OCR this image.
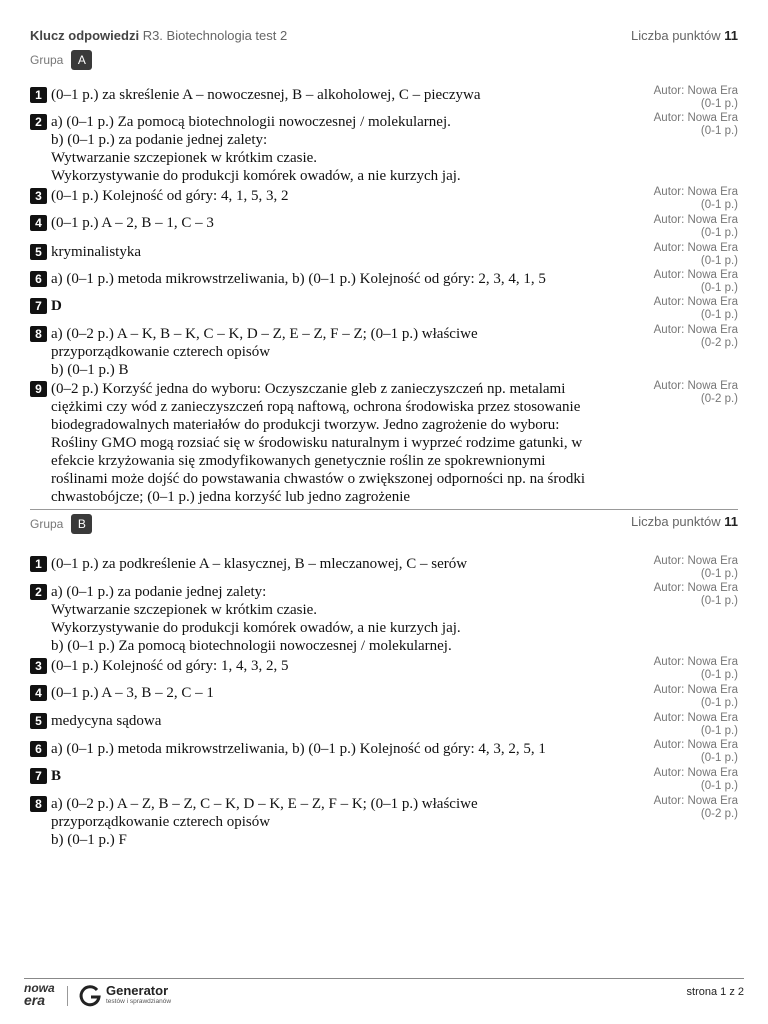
Klucz odpowiedzi R3. Biotechnologia test 2	Liczba punktów 11
Grupa A
1 (0–1 p.) za skreślenie A – nowoczesnej, B – alkoholowej, C – pieczywa	Autor: Nowa Era
(0-1 p.)
2 a) (0–1 p.) Za pomocą biotechnologii nowoczesnej / molekularnej.
b) (0–1 p.) za podanie jednej zalety:
Wytwarzanie szczepionek w krótkim czasie.
Wykorzystywanie do produkcji komórek owadów, a nie kurzych jaj.
Autor: Nowa Era
(0-1 p.)
3 (0–1 p.) Kolejność od góry: 4, 1, 5, 3, 2	Autor: Nowa Era
(0-1 p.)
4 (0–1 p.) A – 2, B – 1, C – 3	Autor: Nowa Era
(0-1 p.)
5 kryminalistyka	Autor: Nowa Era
(0-1 p.)
6 a) (0–1 p.) metoda mikrowstrzeliwania, b) (0–1 p.) Kolejność od góry: 2, 3, 4, 1, 5	Autor: Nowa Era
(0-1 p.)
7 D	Autor: Nowa Era
(0-1 p.)
8 a) (0–2 p.) A – K, B – K, C – K, D – Z, E – Z, F – Z; (0–1 p.) właściwe
przyporządkowanie czterech opisów
b) (0–1 p.) B
Autor: Nowa Era
(0-2 p.)
9 (0–2 p.) Korzyść jedna do wyboru: Oczyszczanie gleb z zanieczyszczeń np. metalami
ciężkimi czy wód z zanieczyszczeń ropą naftową, ochrona środowiska przez stosowanie
biodegradowalnych materiałów do produkcji tworzyw. Jedno zagrożenie do wyboru:
Rośliny GMO mogą rozsiać się w środowisku naturalnym i wyprzeć rodzime gatunki, w
efekcie krzyżowania się zmodyfikowanych genetycznie roślin ze spokrewnionymi
roślinami może dojść do powstawania chwastów o zwiększonej odporności np. na środki
chwastobójcze; (0–1 p.) jedna korzyść lub jedno zagrożenie
Autor: Nowa Era
(0-2 p.)
Grupa B	Liczba punktów 11
1 (0–1 p.) za podkreślenie A – klasycznej, B – mleczanowej, C – serów	Autor: Nowa Era
(0-1 p.)
2 a) (0–1 p.) za podanie jednej zalety:
Wytwarzanie szczepionek w krótkim czasie.
Wykorzystywanie do produkcji komórek owadów, a nie kurzych jaj.
b) (0–1 p.) Za pomocą biotechnologii nowoczesnej / molekularnej.
Autor: Nowa Era
(0-1 p.)
3 (0–1 p.) Kolejność od góry: 1, 4, 3, 2, 5	Autor: Nowa Era
(0-1 p.)
4 (0–1 p.) A – 3, B – 2, C – 1	Autor: Nowa Era
(0-1 p.)
5 medycyna sądowa	Autor: Nowa Era
(0-1 p.)
6 a) (0–1 p.) metoda mikrowstrzeliwania, b) (0–1 p.) Kolejność od góry: 4, 3, 2, 5, 1	Autor: Nowa Era
(0-1 p.)
7 B	Autor: Nowa Era
(0-1 p.)
8 a) (0–2 p.) A – Z, B – Z, C – K, D – K, E – Z, F – K; (0–1 p.) właściwe
przyporządkowanie czterech opisów
b) (0–1 p.) F
Autor: Nowa Era
(0-2 p.)
nowa
era
Generator
testów i sprawdzianów
strona 1 z 2
